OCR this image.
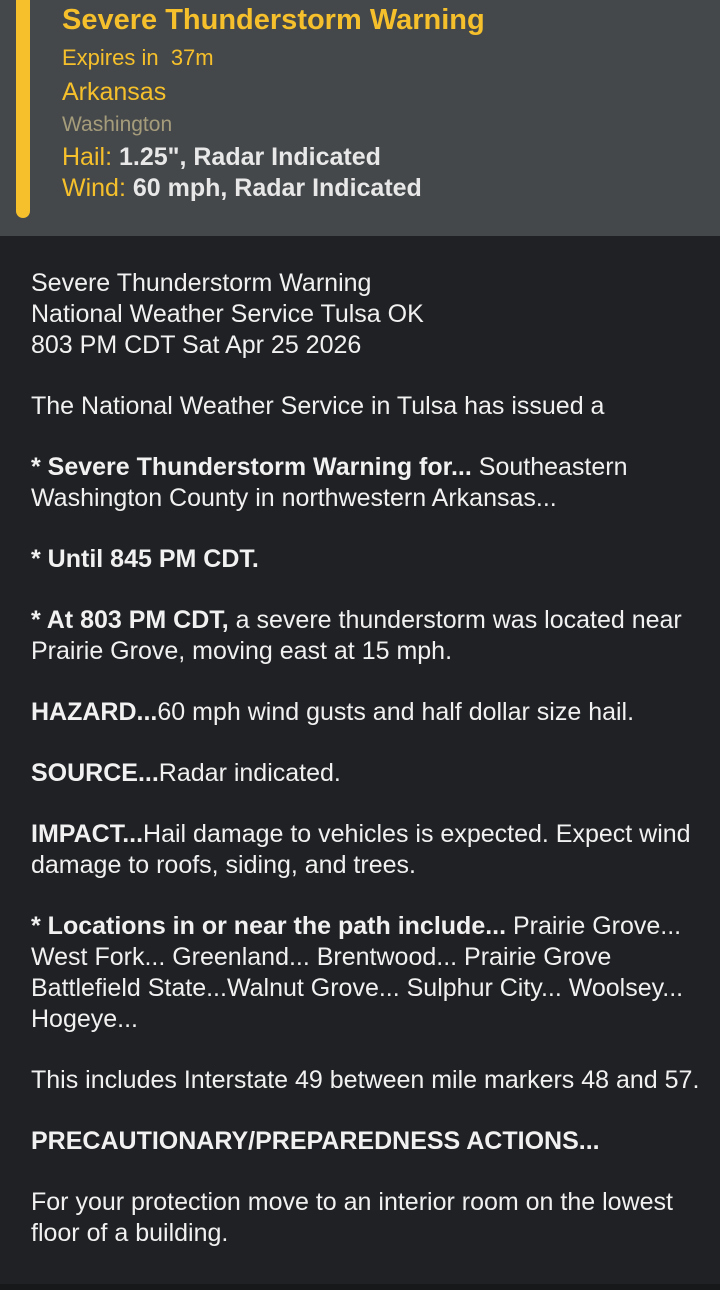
Severe Thunderstorm Warning
Expires in  37m
Arkansas
Washington
Hail: 1.25", Radar Indicated
Wind: 60 mph, Radar Indicated

Severe Thunderstorm Warning
National Weather Service Tulsa OK
803 PM CDT Sat Apr 25 2026

The National Weather Service in Tulsa has issued a

* Severe Thunderstorm Warning for... Southeastern Washington County in northwestern Arkansas...

* Until 845 PM CDT.

* At 803 PM CDT, a severe thunderstorm was located near Prairie Grove, moving east at 15 mph.

HAZARD...60 mph wind gusts and half dollar size hail.

SOURCE...Radar indicated.

IMPACT...Hail damage to vehicles is expected. Expect wind damage to roofs, siding, and trees.

* Locations in or near the path include... Prairie Grove... West Fork... Greenland... Brentwood... Prairie Grove Battlefield State...Walnut Grove... Sulphur City... Woolsey... Hogeye...

This includes Interstate 49 between mile markers 48 and 57.

PRECAUTIONARY/PREPAREDNESS ACTIONS...

For your protection move to an interior room on the lowest floor of a building.
